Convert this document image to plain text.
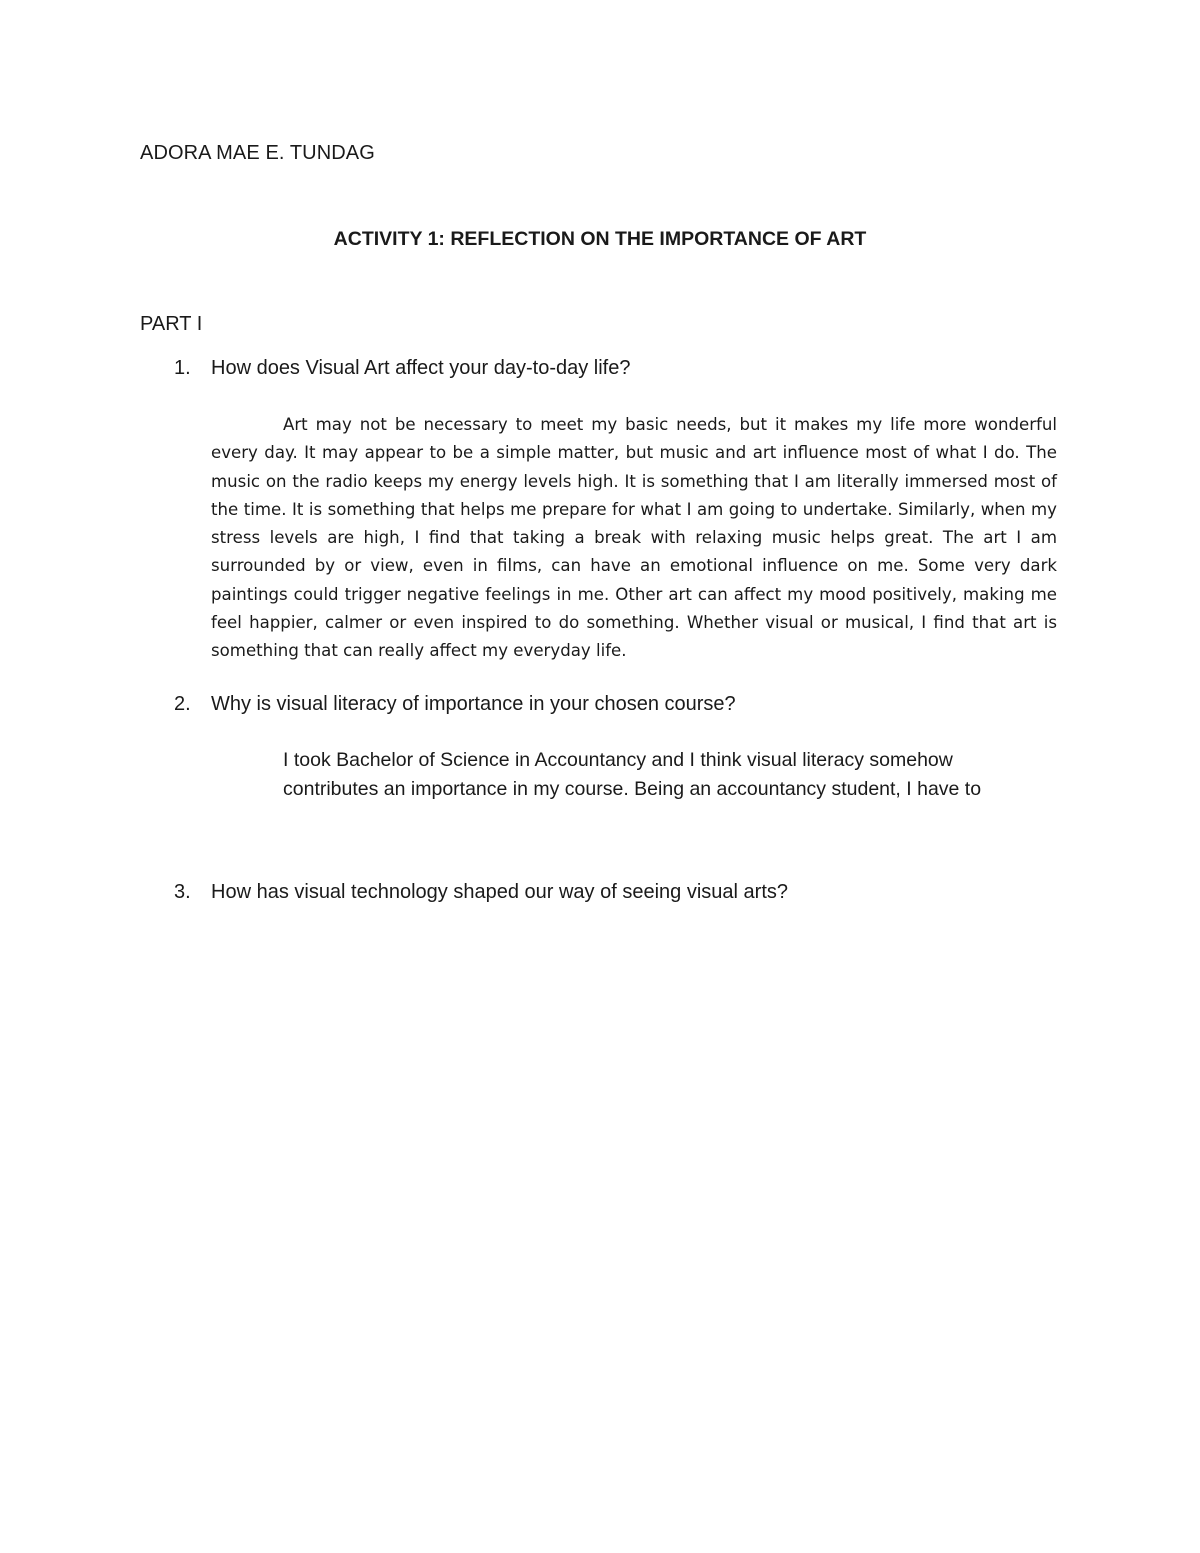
ADORA MAE E. TUNDAG
ACTIVITY 1: REFLECTION ON THE IMPORTANCE OF ART
PART I
1. How does Visual Art affect your day-to-day life?
Art may not be necessary to meet my basic needs, but it makes my life more wonderful every day. It may appear to be a simple matter, but music and art influence most of what I do. The music on the radio keeps my energy levels high. It is something that I am literally immersed most of the time. It is something that helps me prepare for what I am going to undertake. Similarly, when my stress levels are high, I find that taking a break with relaxing music helps great. The art I am surrounded by or view, even in films, can have an emotional influence on me. Some very dark paintings could trigger negative feelings in me. Other art can affect my mood positively, making me feel happier, calmer or even inspired to do something. Whether visual or musical, I find that art is something that can really affect my everyday life.
2. Why is visual literacy of importance in your chosen course?
I took Bachelor of Science in Accountancy and I think visual literacy somehow
contributes an importance in my course. Being an accountancy student, I have to
3. How has visual technology shaped our way of seeing visual arts?
